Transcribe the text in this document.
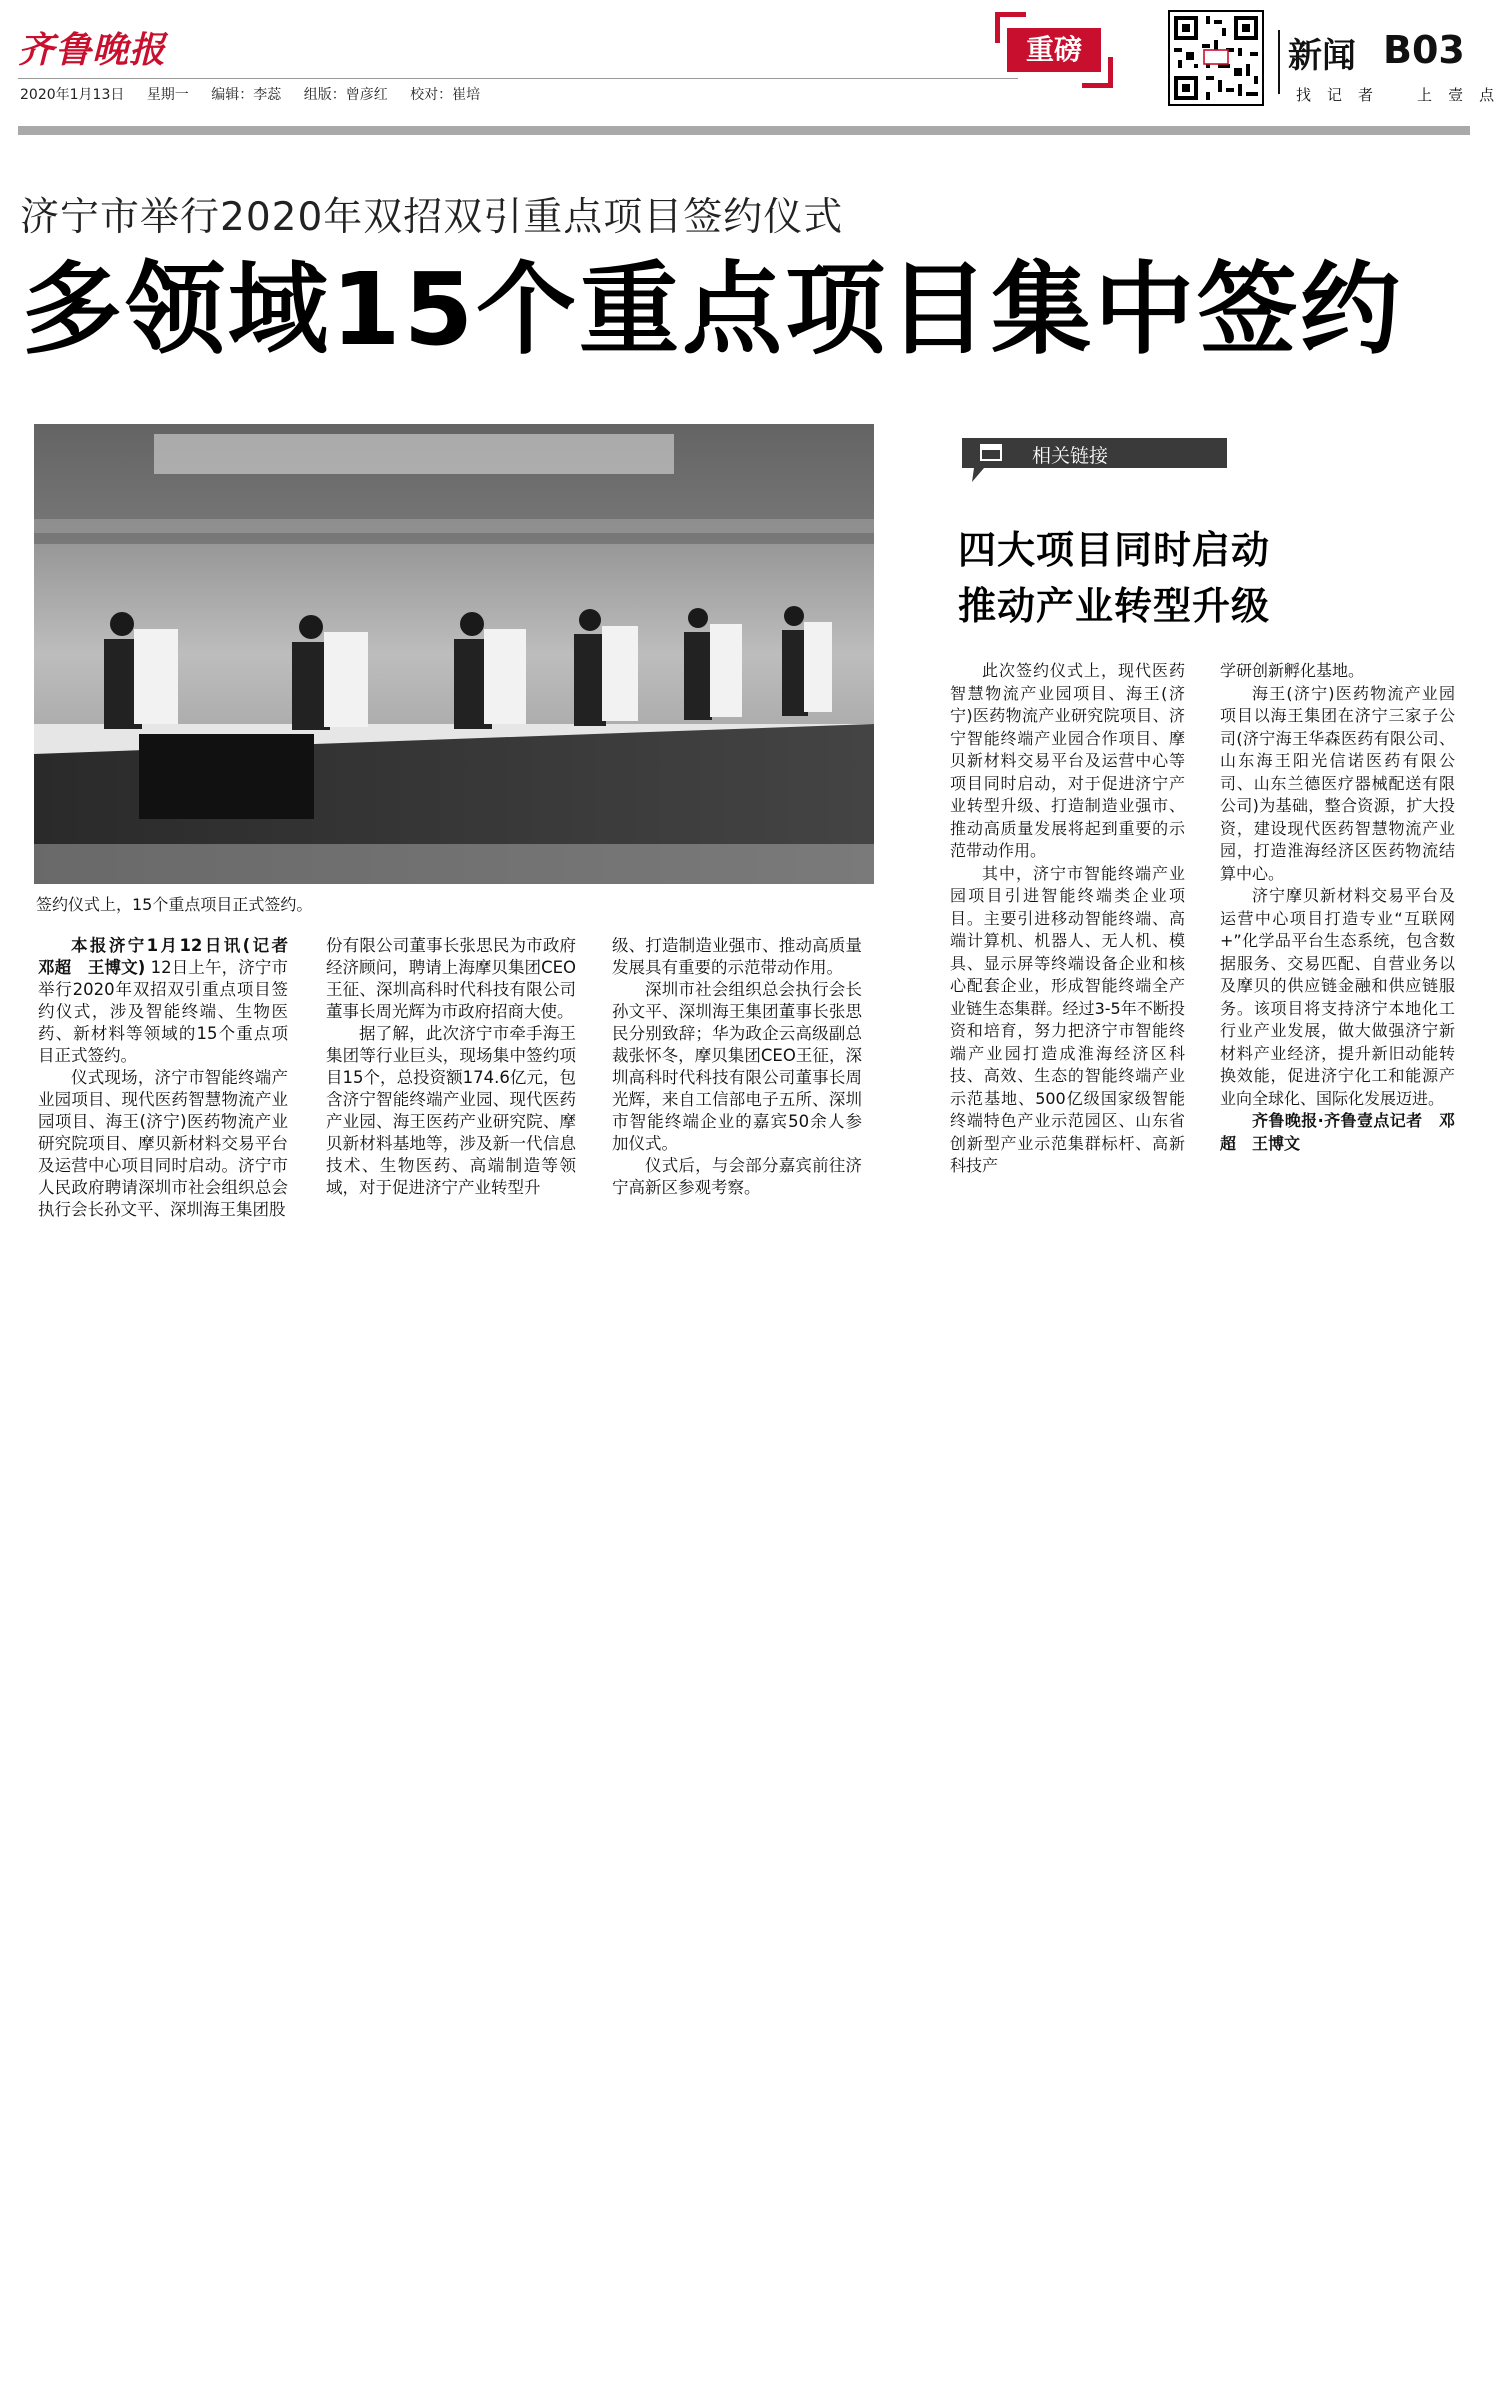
齐鲁晚报
2020年1月13日 星期一 编辑：李蕊 组版：曾彦红 校对：崔培
重磅	新闻 B03
找 记 者	上 壹 点
济宁市举行2020年双招双引重点项目签约仪式
多领域15个重点项目集中签约
签约仪式上，15个重点项目正式签约。

本报济宁1月12日讯(记者　邓超　王博文) 12日上午，济宁市举行2020年双招双引重点项目签约仪式，涉及智能终端、生物医药、新材料等领域的15个重点项目正式签约。

仪式现场，济宁市智能终端产业园项目、现代医药智慧物流产业园项目、海王(济宁)医药物流产业研究院项目、摩贝新材料交易平台及运营中心项目同时启动。济宁市人民政府聘请深圳市社会组织总会执行会长孙文平、深圳海王集团股

份有限公司董事长张思民为市政府经济顾问，聘请上海摩贝集团CEO王征、深圳高科时代科技有限公司董事长周光辉为市政府招商大使。

据了解，此次济宁市牵手海王集团等行业巨头，现场集中签约项目15个，总投资额174.6亿元，包含济宁智能终端产业园、现代医药产业园、海王医药产业研究院、摩贝新材料基地等，涉及新一代信息技术、生物医药、高端制造等领域，对于促进济宁产业转型升

级、打造制造业强市、推动高质量发展具有重要的示范带动作用。

深圳市社会组织总会执行会长孙文平、深圳海王集团董事长张思民分别致辞；华为政企云高级副总裁张怀冬，摩贝集团CEO王征，深圳高科时代科技有限公司董事长周光辉，来自工信部电子五所、深圳市智能终端企业的嘉宾50余人参加仪式。

仪式后，与会部分嘉宾前往济宁高新区参观考察。

相关链接
四大项目同时启动
推动产业转型升级

此次签约仪式上，现代医药智慧物流产业园项目、海王(济宁)医药物流产业研究院项目、济宁智能终端产业园合作项目、摩贝新材料交易平台及运营中心等项目同时启动，对于促进济宁产业转型升级、打造制造业强市、推动高质量发展将起到重要的示范带动作用。

其中，济宁市智能终端产业园项目引进智能终端类企业项目。主要引进移动智能终端、高端计算机、机器人、无人机、模具、显示屏等终端设备企业和核心配套企业，形成智能终端全产业链生态集群。经过3-5年不断投资和培育，努力把济宁市智能终端产业园打造成淮海经济区科技、高效、生态的智能终端产业示范基地、500亿级国家级智能终端特色产业示范园区、山东省创新型产业示范集群标杆、高新科技产

学研创新孵化基地。

海王(济宁)医药物流产业园项目以海王集团在济宁三家子公司(济宁海王华森医药有限公司、山东海王阳光信诺医药有限公司、山东兰德医疗器械配送有限公司)为基础，整合资源，扩大投资，建设现代医药智慧物流产业园，打造淮海经济区医药物流结算中心。

济宁摩贝新材料交易平台及运营中心项目打造专业“互联网+”化学品平台生态系统，包含数据服务、交易匹配、自营业务以及摩贝的供应链金融和供应链服务。该项目将支持济宁本地化工行业产业发展，做大做强济宁新材料产业经济，提升新旧动能转换效能，促进济宁化工和能源产业向全球化、国际化发展迈进。

齐鲁晚报·齐鲁壹点记者　邓超　王博文
